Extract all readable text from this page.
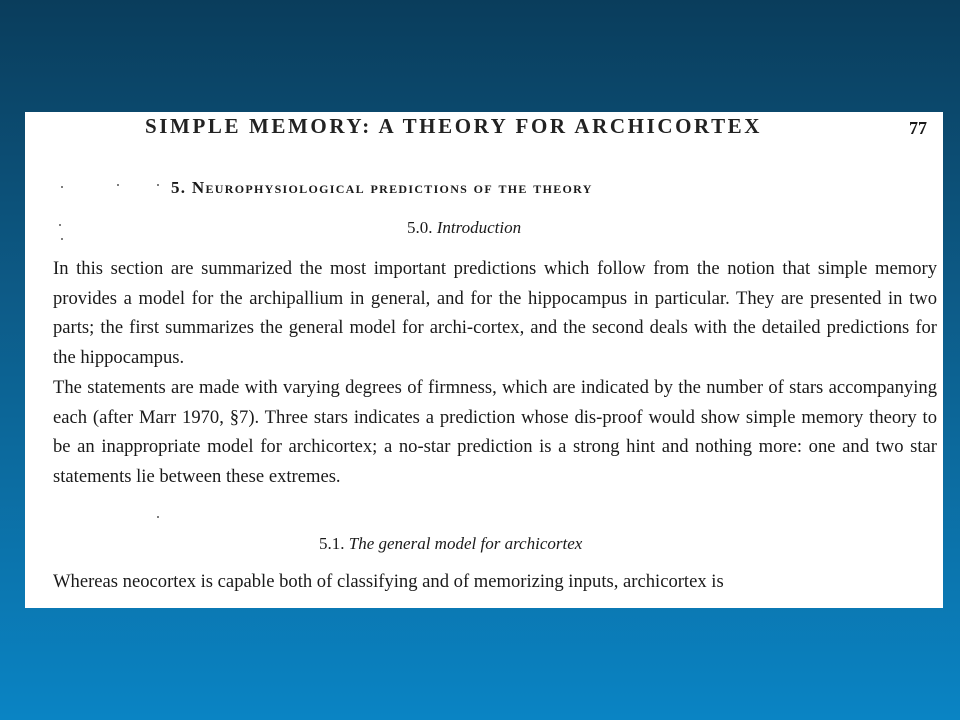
SIMPLE MEMORY: A THEORY FOR ARCHICORTEX	77
5. Neurophysiological predictions of the theory
5.0. Introduction

In this section are summarized the most important predictions which follow from the notion that simple memory provides a model for the archipallium in general, and for the hippocampus in particular. They are presented in two parts; the first summarizes the general model for archi-cortex, and the second deals with the detailed predictions for the hippocampus.

The statements are made with varying degrees of firmness, which are indicated by the number of stars accompanying each (after Marr 1970, §7). Three stars indicates a prediction whose dis-proof would show simple memory theory to be an inappropriate model for archicortex; a no-star prediction is a strong hint and nothing more: one and two star statements lie between these extremes.

5.1. The general model for archicortex

Whereas neocortex is capable both of classifying and of memorizing inputs, archicortex is
